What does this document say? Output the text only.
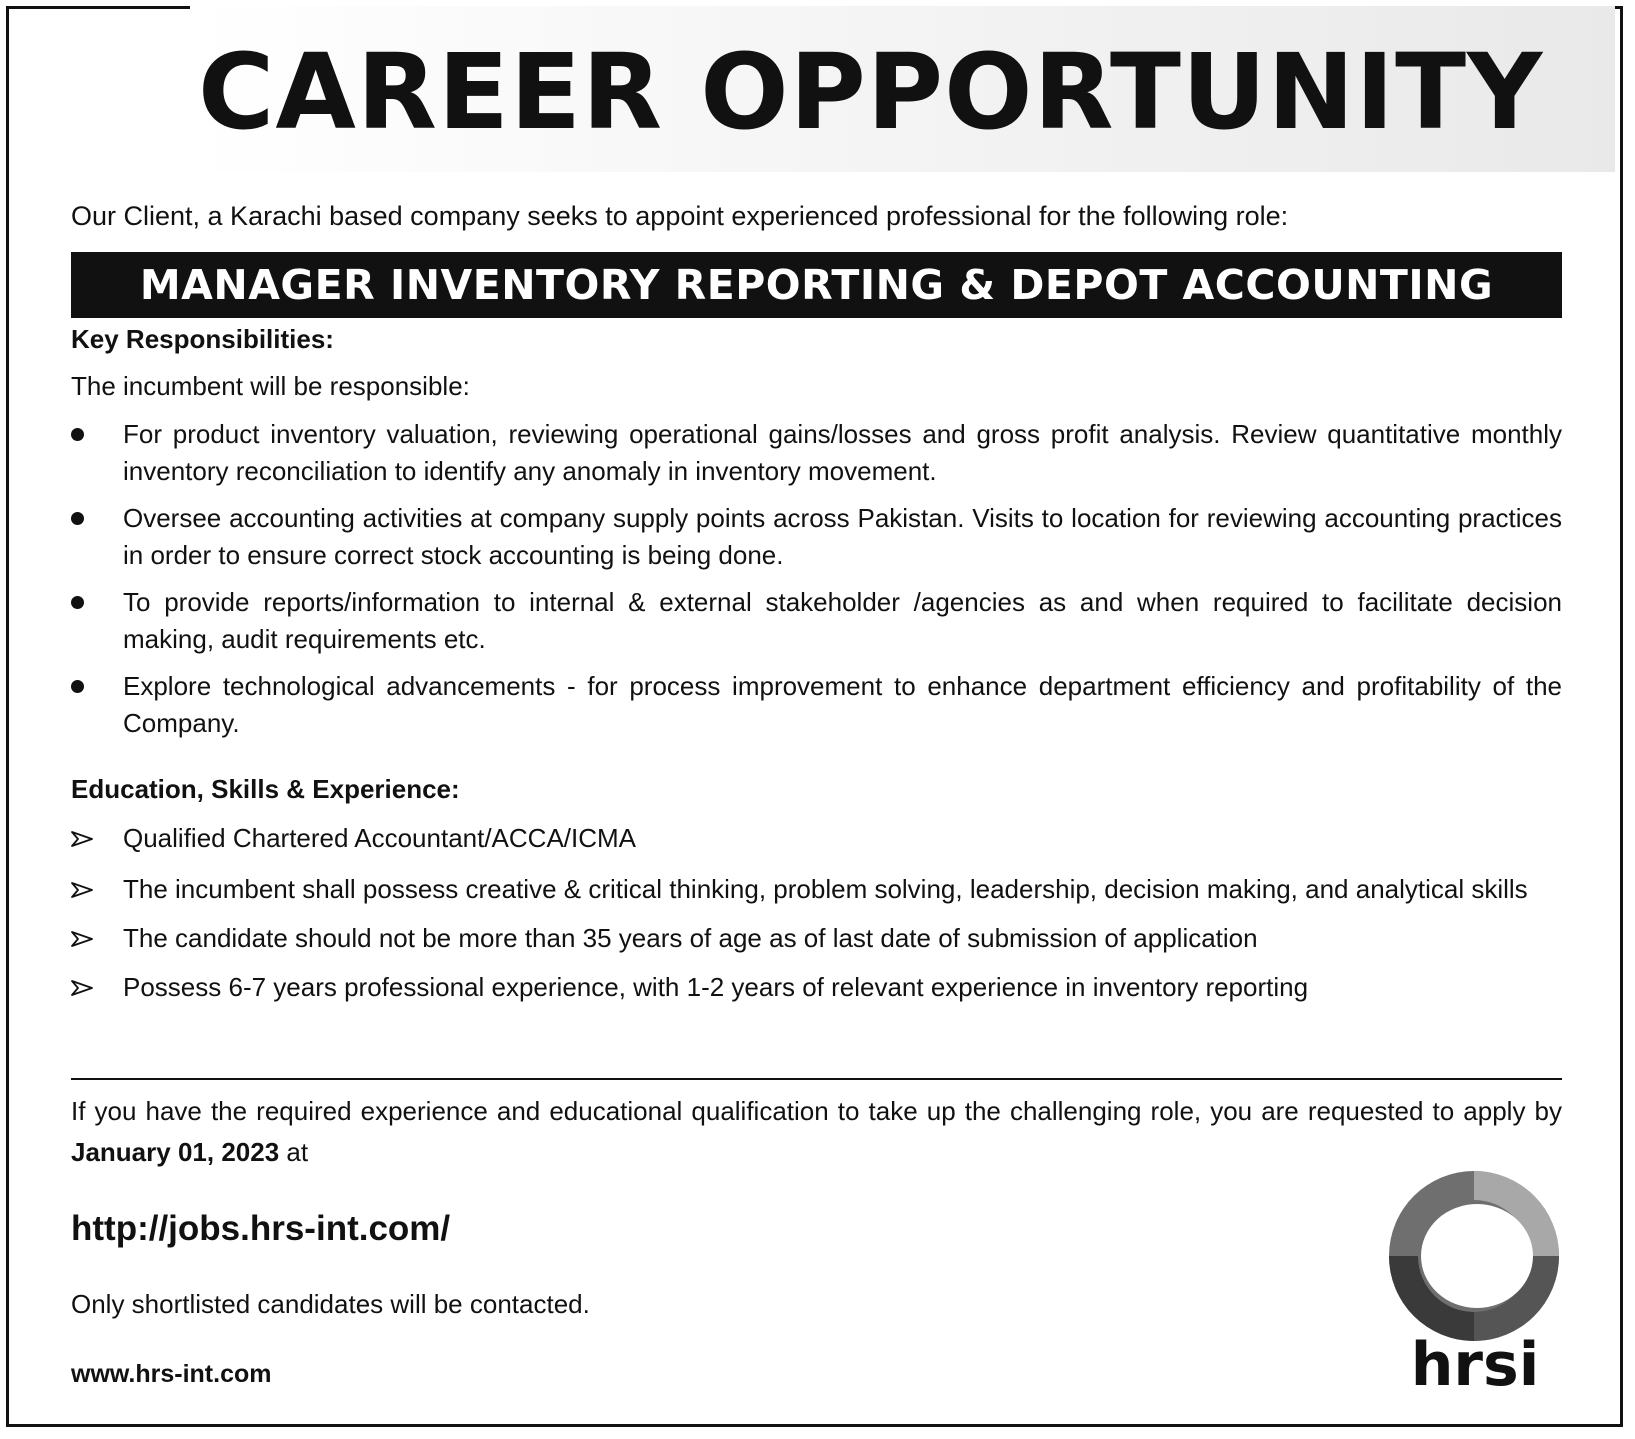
CAREER OPPORTUNITY

Our Client, a Karachi based company seeks to appoint experienced professional for the following role:

MANAGER INVENTORY REPORTING & DEPOT ACCOUNTING
Key Responsibilities:

The incumbent will be responsible:

For product inventory valuation, reviewing operational gains/losses and gross profit analysis. Review quantitative monthly inventory reconciliation to identify any anomaly in inventory movement.
Oversee accounting activities at company supply points across Pakistan. Visits to location for reviewing accounting practices in order to ensure correct stock accounting is being done.
To provide reports/information to internal & external stakeholder /agencies as and when required to facilitate decision making, audit requirements etc.
Explore technological advancements - for process improvement to enhance department efficiency and profitability of the Company.
Education, Skills & Experience:
Qualified Chartered Accountant/ACCA/ICMA
The incumbent shall possess creative & critical thinking, problem solving, leadership, decision making, and analytical skills
The candidate should not be more than 35 years of age as of last date of submission of application
Possess 6-7 years professional experience, with 1-2 years of relevant experience in inventory reporting

If you have the required experience and educational qualification to take up the challenging role, you are requested to apply by January 01, 2023 at

http://jobs.hrs-int.com/

Only shortlisted candidates will be contacted.

www.hrs-int.com	hrsi
